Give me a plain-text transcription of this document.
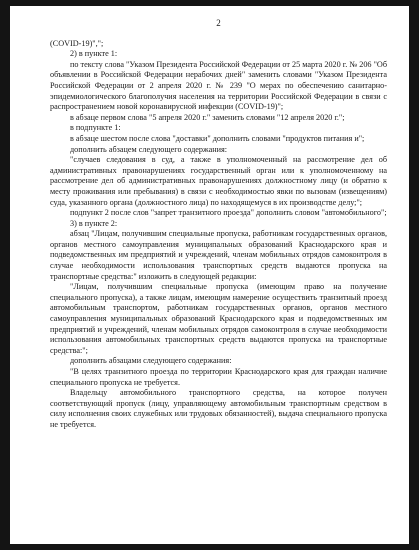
2

(COVID-19)",";

2) в пункте 1:

по тексту слова "Указом Президента Российской Федерации от 25 марта 2020 г. № 206 "Об объявлении в Российской Федерации нерабочих дней" заменить словами "Указом Президента Российской Федерации от 2 апреля 2020 г. № 239 "О мерах по обеспечению санитарно-эпидемиологического благополучия населения на территории Российской Федерации в связи с распространением новой коронавирусной инфекции (COVID-19)";

в абзаце первом слова "5 апреля 2020 г." заменить словами "12 апреля 2020 г.";

в подпункте 1:

в абзаце шестом после слова "доставки" дополнить словами "продуктов питания и";

дополнить абзацем следующего содержания:

"случаев следования в суд, а также в уполномоченный на рассмотрение дел об административных правонарушениях государственный орган или к уполномоченному на рассмотрение дел об административных правонарушениях должностному лицу (и обратно к месту проживания или пребывания) в связи с необходимостью явки по вызовам (извещениям) суда, указанного органа (должностного лица) по находящемуся в их производстве делу;";

подпункт 2 после слов "запрет транзитного проезда" дополнить словом "автомобильного";

3) в пункте 2:

абзац "Лицам, получившим специальные пропуска, работникам государственных органов, органов местного самоуправления муниципальных образований Краснодарского края и подведомственных им предприятий и учреждений, членам мобильных отрядов самоконтроля в случае необходимости использования транспортных средств выдаются пропуска на транспортные средства:" изложить в следующей редакции:

"Лицам, получившим специальные пропуска (имеющим право на получение специального пропуска), а также лицам, имеющим намерение осуществить транзитный проезд автомобильным транспортом, работникам государственных органов, органов местного самоуправления муниципальных образований Краснодарского края и подведомственных им предприятий и учреждений, членам мобильных отрядов самоконтроля в случае необходимости использования автомобильных транспортных средств выдаются пропуска на транспортные средства:";

дополнить абзацами следующего содержания:

"В целях транзитного проезда по территории Краснодарского края для граждан наличие специального пропуска не требуется.

Владельцу автомобильного транспортного средства, на которое получен соответствующий пропуск (лицу, управляющему автомобильным транспортным средством в силу исполнения своих служебных или трудовых обязанностей), выдача специального пропуска не требуется.
